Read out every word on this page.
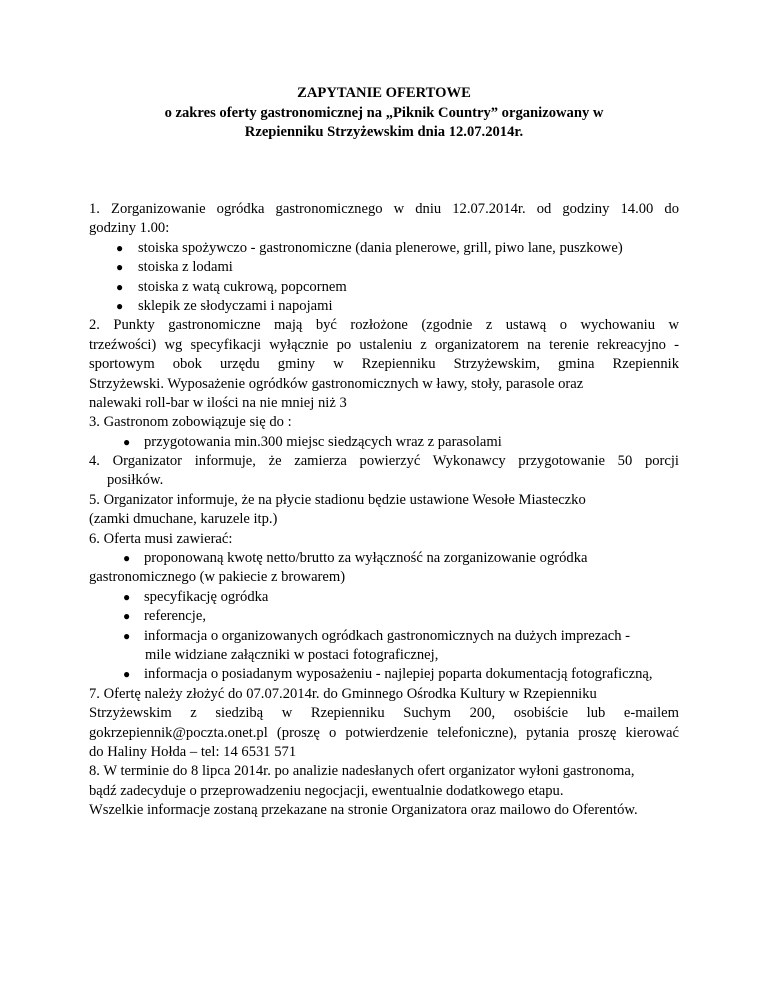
ZAPYTANIE OFERTOWE
o zakres oferty gastronomicznej na „Piknik Country” organizowany w
Rzepienniku Strzyżewskim dnia 12.07.2014r.
1. Zorganizowanie ogródka gastronomicznego w dniu 12.07.2014r. od godziny 14.00 do
godziny 1.00:
● stoiska spożywczo - gastronomiczne (dania plenerowe, grill, piwo lane, puszkowe)
● stoiska z lodami
● stoiska z watą cukrową, popcornem
● sklepik ze słodyczami i napojami
2. Punkty gastronomiczne mają być rozłożone (zgodnie z ustawą o wychowaniu w
trzeźwości) wg specyfikacji wyłącznie po ustaleniu z organizatorem na terenie rekreacyjno -
sportowym obok urzędu gminy w Rzepienniku Strzyżewskim, gmina Rzepiennik
Strzyżewski. Wyposażenie ogródków gastronomicznych w ławy, stoły, parasole oraz
nalewaki roll-bar w ilości na nie mniej niż 3
3. Gastronom zobowiązuje się do :
● przygotowania min.300 miejsc siedzących wraz z parasolami
4. Organizator informuje, że zamierza powierzyć Wykonawcy przygotowanie 50 porcji
posiłków.
5. Organizator informuje, że na płycie stadionu będzie ustawione Wesołe Miasteczko
(zamki dmuchane, karuzele itp.)
6. Oferta musi zawierać:
● proponowaną kwotę netto/brutto za wyłączność na zorganizowanie ogródka
gastronomicznego (w pakiecie z browarem)
● specyfikację ogródka
● referencje,
● informacja o organizowanych ogródkach gastronomicznych na dużych imprezach -
mile widziane załączniki w postaci fotograficznej,
● informacja o posiadanym wyposażeniu - najlepiej poparta dokumentacją fotograficzną,
7. Ofertę należy złożyć do 07.07.2014r. do Gminnego Ośrodka Kultury w Rzepienniku
Strzyżewskim z siedzibą w Rzepienniku Suchym 200, osobiście lub e-mailem
gokrzepiennik@poczta.onet.pl (proszę o potwierdzenie telefoniczne), pytania proszę kierować
do Haliny Hołda – tel: 14 6531 571
8. W terminie do 8 lipca 2014r. po analizie nadesłanych ofert organizator wyłoni gastronoma,
bądź zadecyduje o przeprowadzeniu negocjacji, ewentualnie dodatkowego etapu.
Wszelkie informacje zostaną przekazane na stronie Organizatora oraz mailowo do Oferentów.
